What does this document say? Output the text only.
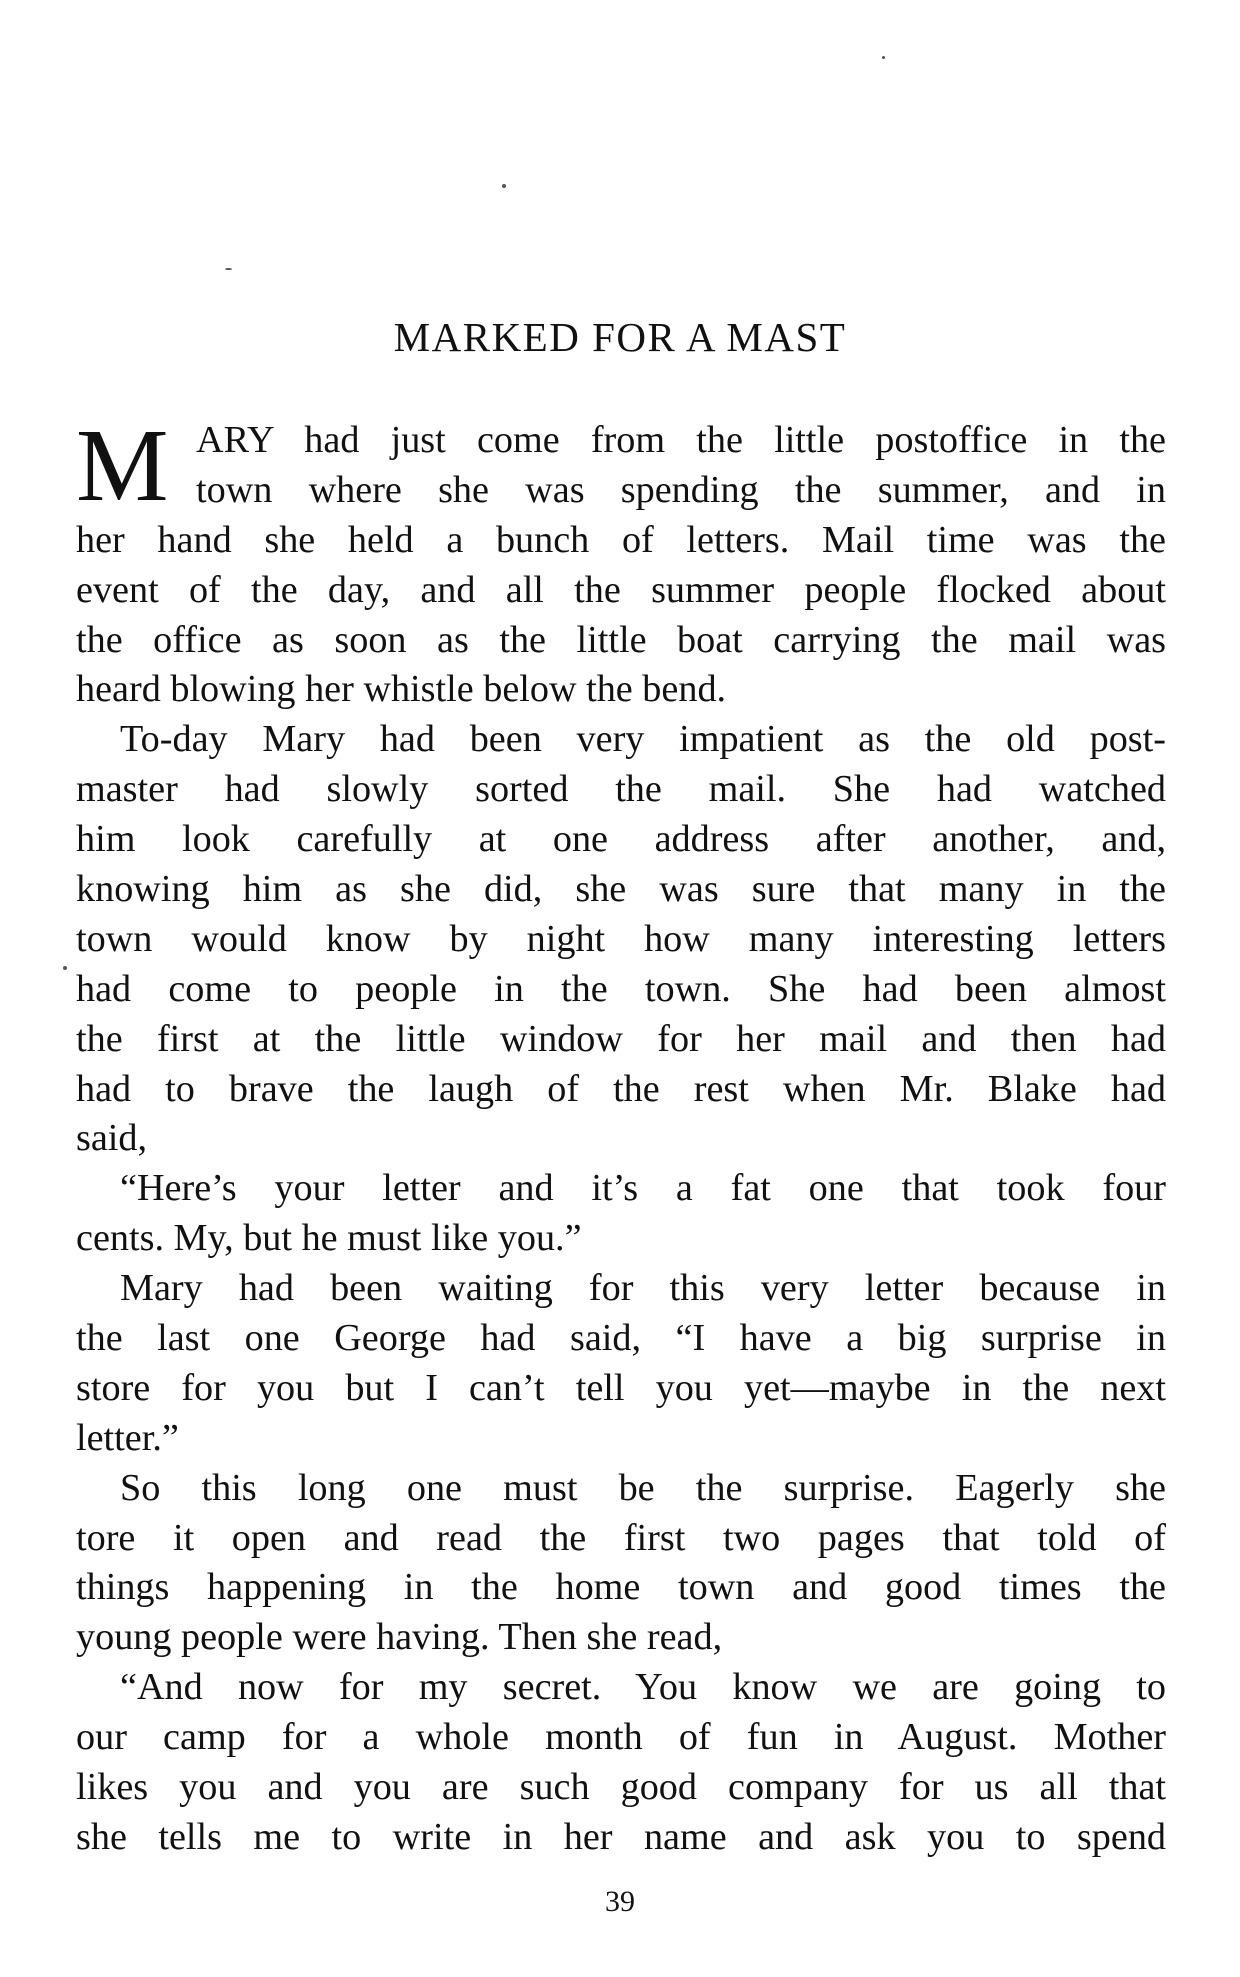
MARKED FOR A MAST
M ARY had just come from the little postoffice in the
town where she was spending the summer, and in
her hand she held a bunch of letters. Mail time was the
event of the day, and all the summer people flocked about
the office as soon as the little boat carrying the mail was
heard blowing her whistle below the bend.
To-day Mary had been very impatient as the old post-
master had slowly sorted the mail. She had watched
him look carefully at one address after another, and,
knowing him as she did, she was sure that many in the
town would know by night how many interesting letters
had come to people in the town. She had been almost
the first at the little window for her mail and then had
had to brave the laugh of the rest when Mr. Blake had
said,
“Here’s your letter and it’s a fat one that took four
cents. My, but he must like you.”
Mary had been waiting for this very letter because in
the last one George had said, “I have a big surprise in
store for you but I can’t tell you yet—maybe in the next
letter.”
So this long one must be the surprise. Eagerly she
tore it open and read the first two pages that told of
things happening in the home town and good times the
young people were having. Then she read,
“And now for my secret. You know we are going to
our camp for a whole month of fun in August. Mother
likes you and you are such good company for us all that
she tells me to write in her name and ask you to spend
39
